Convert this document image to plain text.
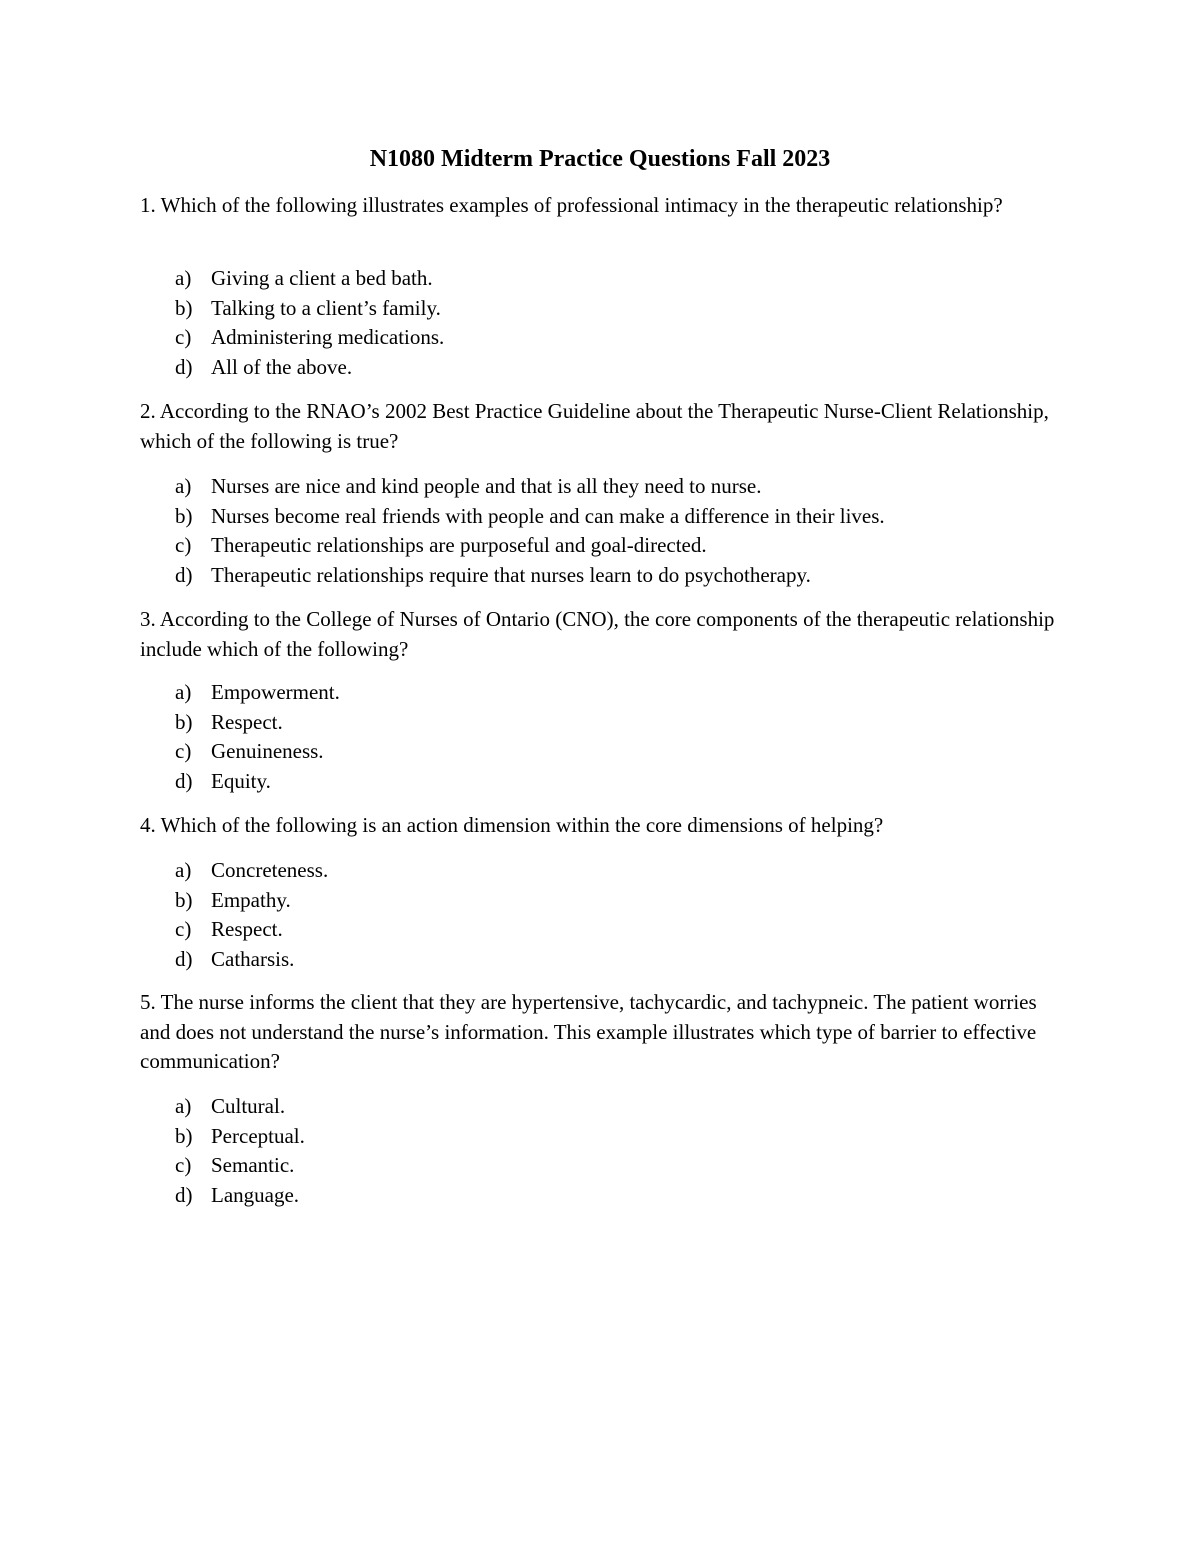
N1080 Midterm Practice Questions Fall 2023
1. Which of the following illustrates examples of professional intimacy in the therapeutic relationship?
a) Giving a client a bed bath.
b) Talking to a client’s family.
c) Administering medications.
d) All of the above.
2. According to the RNAO’s 2002 Best Practice Guideline about the Therapeutic Nurse-Client Relationship, which of the following is true?
a) Nurses are nice and kind people and that is all they need to nurse.
b) Nurses become real friends with people and can make a difference in their lives.
c) Therapeutic relationships are purposeful and goal-directed.
d) Therapeutic relationships require that nurses learn to do psychotherapy.
3. According to the College of Nurses of Ontario (CNO), the core components of the therapeutic relationship include which of the following?
a) Empowerment.
b) Respect.
c) Genuineness.
d) Equity.
4. Which of the following is an action dimension within the core dimensions of helping?
a) Concreteness.
b) Empathy.
c) Respect.
d) Catharsis.
5. The nurse informs the client that they are hypertensive, tachycardic, and tachypneic. The patient worries and does not understand the nurse’s information. This example illustrates which type of barrier to effective communication?
a) Cultural.
b) Perceptual.
c) Semantic.
d) Language.
